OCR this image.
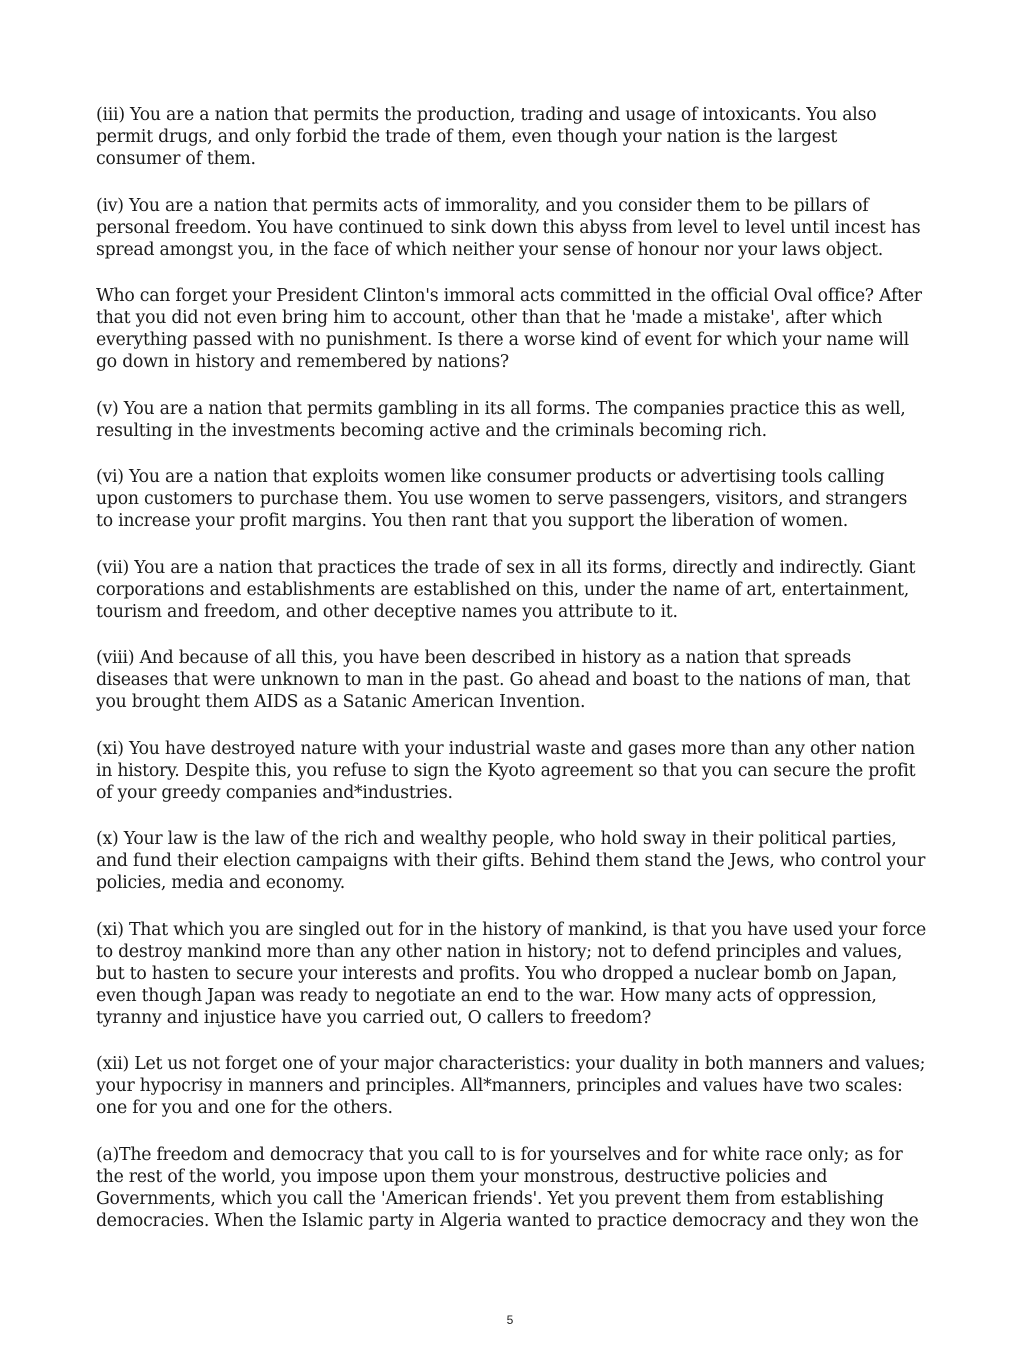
(iii) You are a nation that permits the production, trading and usage of intoxicants. You also permit drugs, and only forbid the trade of them, even though your nation is the largest consumer of them.

(iv) You are a nation that permits acts of immorality, and you consider them to be pillars of personal freedom. You have continued to sink down this abyss from level to level until incest has spread amongst you, in the face of which neither your sense of honour nor your laws object.

Who can forget your President Clinton's immoral acts committed in the official Oval office? After that you did not even bring him to account, other than that he 'made a mistake', after which everything passed with no punishment. Is there a worse kind of event for which your name will go down in history and remembered by nations?

(v) You are a nation that permits gambling in its all forms. The companies practice this as well, resulting in the investments becoming active and the criminals becoming rich.

(vi) You are a nation that exploits women like consumer products or advertising tools calling upon customers to purchase them. You use women to serve passengers, visitors, and strangers to increase your profit margins. You then rant that you support the liberation of women.

(vii) You are a nation that practices the trade of sex in all its forms, directly and indirectly. Giant corporations and establishments are established on this, under the name of art, entertainment, tourism and freedom, and other deceptive names you attribute to it.

(viii) And because of all this, you have been described in history as a nation that spreads diseases that were unknown to man in the past. Go ahead and boast to the nations of man, that you brought them AIDS as a Satanic American Invention.

(xi) You have destroyed nature with your industrial waste and gases more than any other nation in history. Despite this, you refuse to sign the Kyoto agreement so that you can secure the profit of your greedy companies and*industries.

(x) Your law is the law of the rich and wealthy people, who hold sway in their political parties, and fund their election campaigns with their gifts. Behind them stand the Jews, who control your policies, media and economy.

(xi) That which you are singled out for in the history of mankind, is that you have used your force to destroy mankind more than any other nation in history; not to defend principles and values, but to hasten to secure your interests and profits. You who dropped a nuclear bomb on Japan, even though Japan was ready to negotiate an end to the war. How many acts of oppression, tyranny and injustice have you carried out, O callers to freedom?

(xii) Let us not forget one of your major characteristics: your duality in both manners and values; your hypocrisy in manners and principles. All*manners, principles and values have two scales: one for you and one for the others.

(a)The freedom and democracy that you call to is for yourselves and for white race only; as for the rest of the world, you impose upon them your monstrous, destructive policies and Governments, which you call the 'American friends'. Yet you prevent them from establishing democracies. When the Islamic party in Algeria wanted to practice democracy and they won the

5
